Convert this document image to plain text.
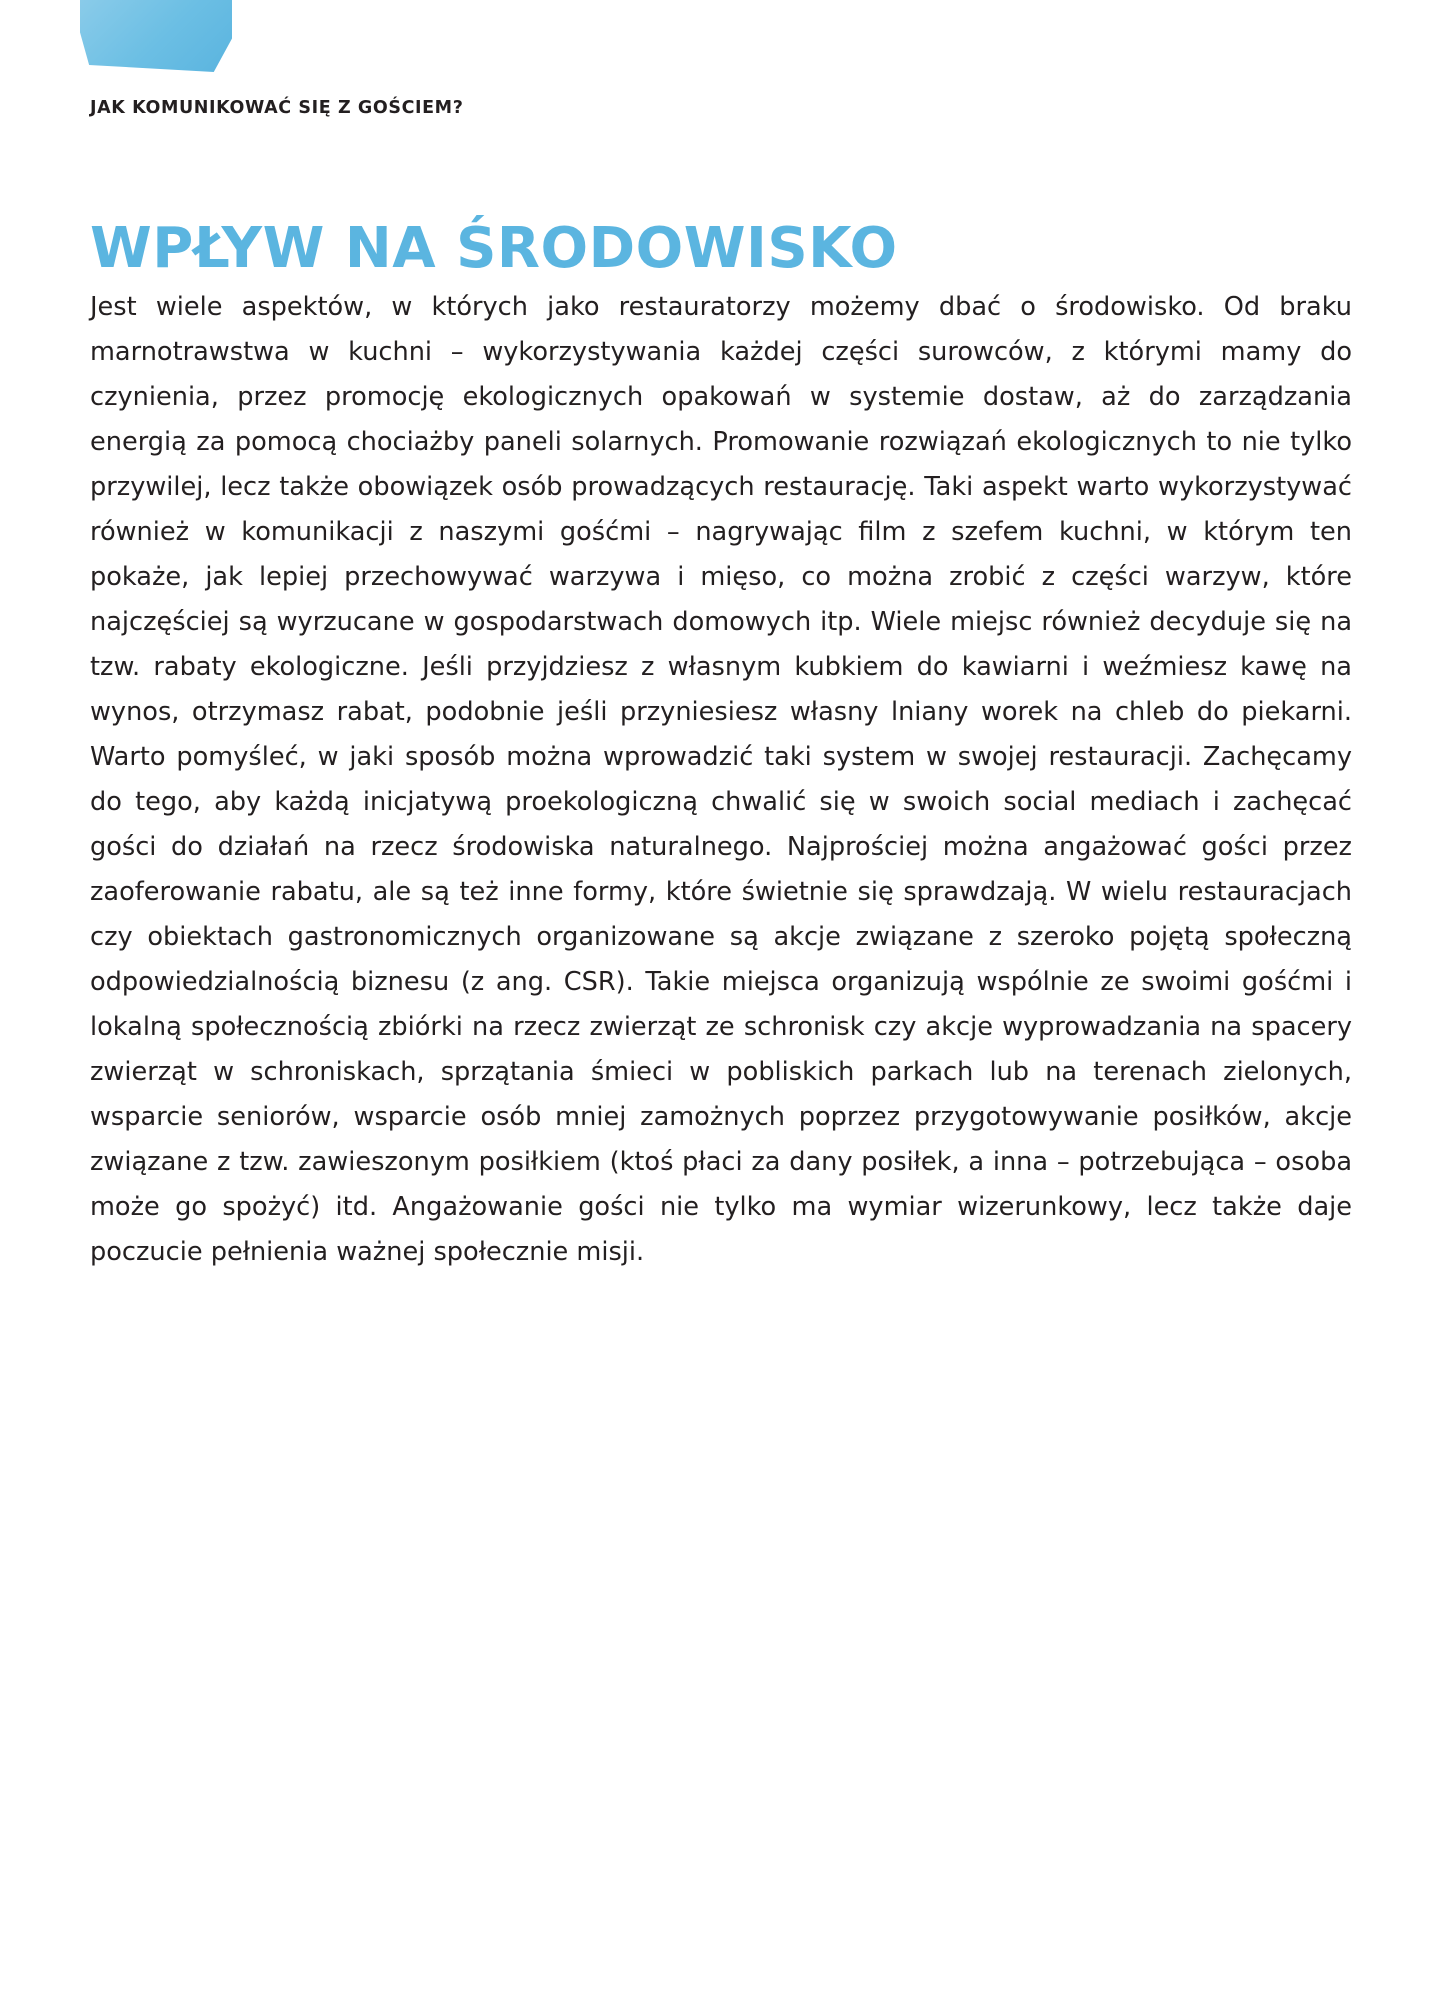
JAK KOMUNIKOWAĆ SIĘ Z GOŚCIEM?
WPŁYW NA ŚRODOWISKO

Jest wiele aspektów, w których jako restauratorzy możemy dbać o środowisko. Od braku marnotrawstwa w kuchni – wykorzystywania każdej części surowców, z którymi mamy do czynienia, przez promocję ekologicznych opakowań w systemie dostaw, aż do zarządzania energią za pomocą chociażby paneli solarnych. Promowanie rozwiązań ekologicznych to nie tylko przywilej, lecz także obowiązek osób prowadzących restaurację. Taki aspekt warto wykorzystywać również w komunikacji z naszymi gośćmi – nagrywając film z szefem kuchni, w którym ten pokaże, jak lepiej przechowywać warzywa i mięso, co można zrobić z części warzyw, które najczęściej są wyrzucane w gospodarstwach domowych itp. Wiele miejsc również decyduje się na tzw. rabaty ekologiczne. Jeśli przyjdziesz z własnym kubkiem do kawiarni i weźmiesz kawę na wynos, otrzymasz rabat, podobnie jeśli przyniesiesz własny lniany worek na chleb do piekarni. Warto pomyśleć, w jaki sposób można wprowadzić taki system w swojej restauracji. Zachęcamy do tego, aby każdą inicjatywą proekologiczną chwalić się w swoich social mediach i zachęcać gości do działań na rzecz środowiska naturalnego. Najprościej można angażować gości przez zaoferowanie rabatu, ale są też inne formy, które świetnie się sprawdzają. W wielu restauracjach czy obiektach gastronomicznych organizowane są akcje związane z szeroko pojętą społeczną odpowiedzialnością biznesu (z ang. CSR). Takie miejsca organizują wspólnie ze swoimi gośćmi i lokalną społecznością zbiórki na rzecz zwierząt ze schronisk czy akcje wyprowadzania na spacery zwierząt w schroniskach, sprzątania śmieci w pobliskich parkach lub na terenach zielonych, wsparcie seniorów, wsparcie osób mniej zamożnych poprzez przygotowywanie posiłków, akcje związane z tzw. zawieszonym posiłkiem (ktoś płaci za dany posiłek, a inna – potrzebująca – osoba może go spożyć) itd. Angażowanie gości nie tylko ma wymiar wizerunkowy, lecz także daje poczucie pełnienia ważnej społecznie misji.
